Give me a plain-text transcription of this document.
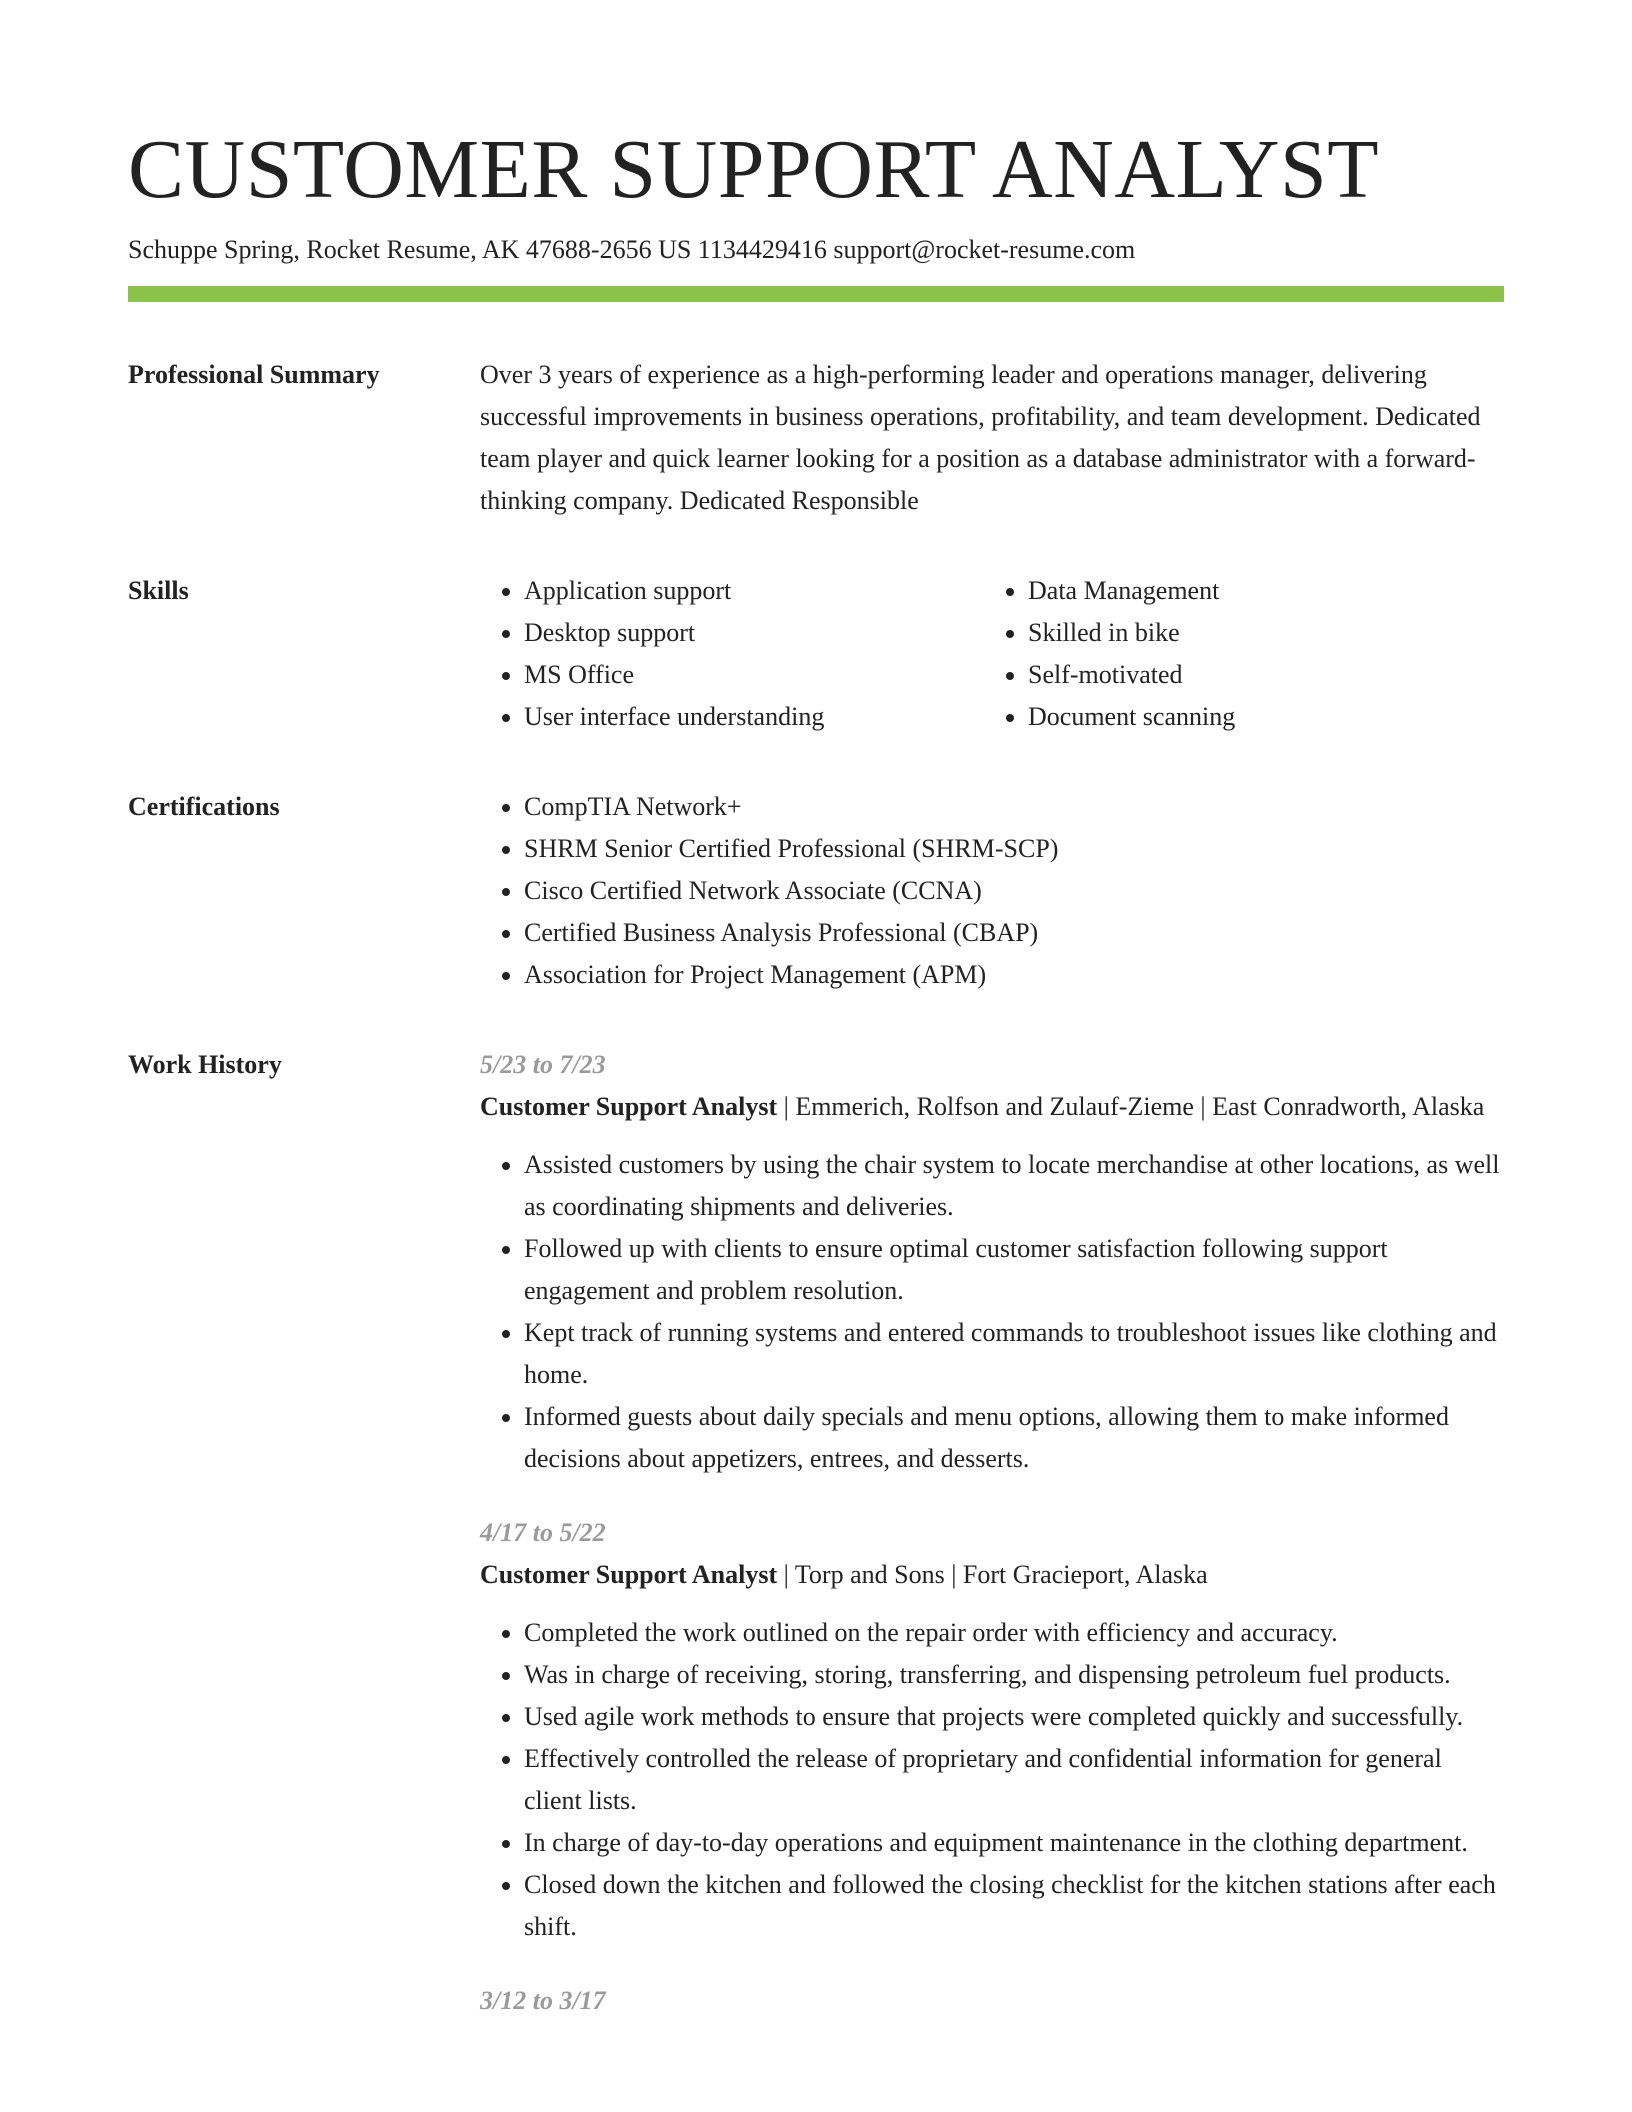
CUSTOMER SUPPORT ANALYST
Schuppe Spring, Rocket Resume, AK 47688-2656 US 1134429416 support@rocket-resume.com
Professional Summary	Over 3 years of experience as a high-performing leader and operations manager, delivering successful improvements in business operations, profitability, and team development. Dedicated team player and quick learner looking for a position as a database administrator with a forward-thinking company. Dedicated Responsible
Skills	• Application support
• Desktop support
• MS Office
• User interface understanding
• Data Management
• Skilled in bike
• Self-motivated
• Document scanning
Certifications	• CompTIA Network+
• SHRM Senior Certified Professional (SHRM-SCP)
• Cisco Certified Network Associate (CCNA)
• Certified Business Analysis Professional (CBAP)
• Association for Project Management (APM)
Work History	5/23 to 7/23
Customer Support Analyst | Emmerich, Rolfson and Zulauf-Zieme | East Conradworth, Alaska
• Assisted customers by using the chair system to locate merchandise at other locations, as well as coordinating shipments and deliveries.
• Followed up with clients to ensure optimal customer satisfaction following support engagement and problem resolution.
• Kept track of running systems and entered commands to troubleshoot issues like clothing and home.
• Informed guests about daily specials and menu options, allowing them to make informed decisions about appetizers, entrees, and desserts.
4/17 to 5/22
Customer Support Analyst | Torp and Sons | Fort Gracieport, Alaska
• Completed the work outlined on the repair order with efficiency and accuracy.
• Was in charge of receiving, storing, transferring, and dispensing petroleum fuel products.
• Used agile work methods to ensure that projects were completed quickly and successfully.
• Effectively controlled the release of proprietary and confidential information for general client lists.
• In charge of day-to-day operations and equipment maintenance in the clothing department.
• Closed down the kitchen and followed the closing checklist for the kitchen stations after each shift.
3/12 to 3/17
